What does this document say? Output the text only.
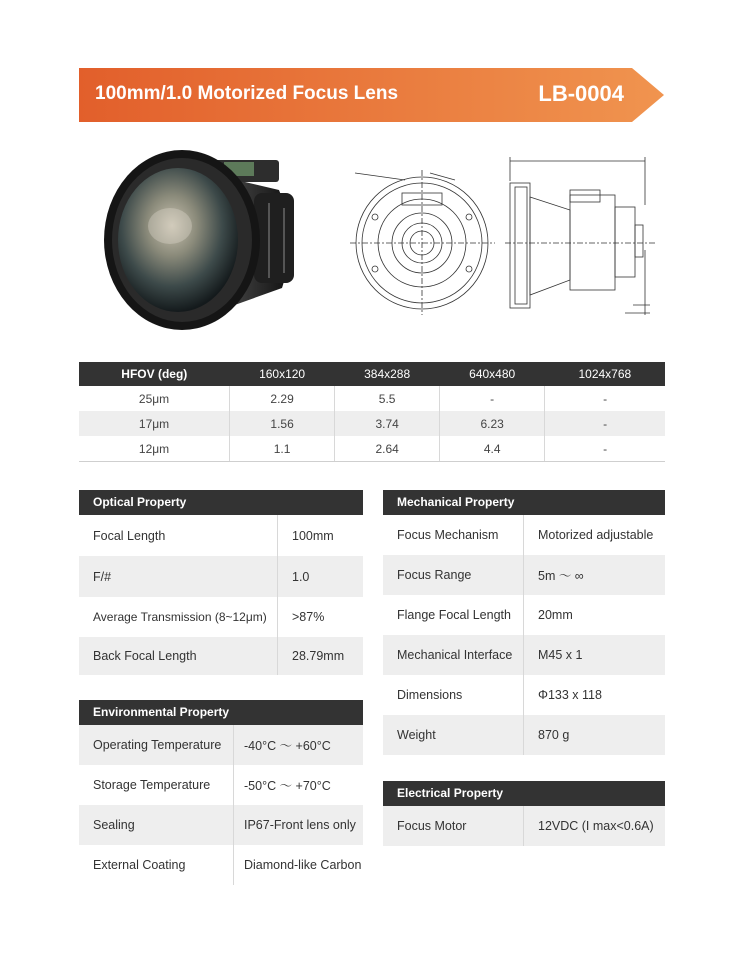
100mm/1.0 Motorized Focus Lens	LB-0004
HFOV (deg)	160x120	384x288	640x480	1024x768
25μm	2.29	5.5	-	-
17μm	1.56	3.74	6.23	-
12μm	1.1	2.64	4.4	-
Optical Property
Focal Length	100mm
F/#	1.0
Average Transmission (8~12μm)	>87%
Back Focal Length	28.79mm
Environmental Property
Operating Temperature	-40°C ～ +60°C
Storage Temperature	-50°C ～ +70°C
Sealing	IP67-Front lens only
External Coating	Diamond-like Carbon
Mechanical Property
Focus Mechanism	Motorized adjustable
Focus Range	5m ～ ∞
Flange Focal Length	20mm
Mechanical Interface	M45 x 1
Dimensions	Φ133 x 118
Weight	870 g
Electrical Property
Focus Motor	12VDC (I max<0.6A)
